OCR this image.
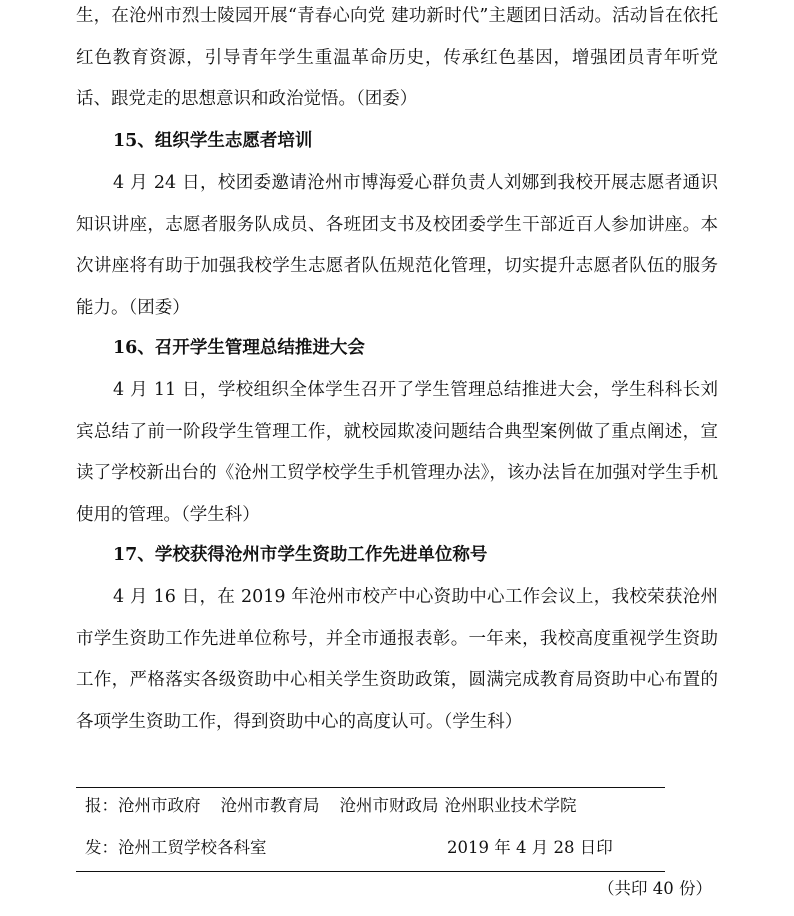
生，在沧州市烈士陵园开展“青春心向党 建功新时代”主题团日活动。活动旨在依托红色教育资源，引导青年学生重温革命历史，传承红色基因，增强团员青年听党话、跟党走的思想意识和政治觉悟。（团委）

15、组织学生志愿者培训

4 月 24 日，校团委邀请沧州市博海爱心群负责人刘娜到我校开展志愿者通识知识讲座，志愿者服务队成员、各班团支书及校团委学生干部近百人参加讲座。本次讲座将有助于加强我校学生志愿者队伍规范化管理，切实提升志愿者队伍的服务能力。（团委）

16、召开学生管理总结推进大会

4 月 11 日，学校组织全体学生召开了学生管理总结推进大会，学生科科长刘宾总结了前一阶段学生管理工作，就校园欺凌问题结合典型案例做了重点阐述，宣读了学校新出台的《沧州工贸学校学生手机管理办法》，该办法旨在加强对学生手机使用的管理。（学生科）

17、学校获得沧州市学生资助工作先进单位称号

4 月 16 日，在 2019 年沧州市校产中心资助中心工作会议上，我校荣获沧州市学生资助工作先进单位称号，并全市通报表彰。一年来，我校高度重视学生资助工作，严格落实各级资助中心相关学生资助政策，圆满完成教育局资助中心布置的各项学生资助工作，得到资助中心的高度认可。（学生科）

报：沧州市政府 沧州市教育局 沧州市财政局 沧州职业技术学院
发：沧州工贸学校各科室	2019 年 4 月 28 日印
（共印 40 份）
